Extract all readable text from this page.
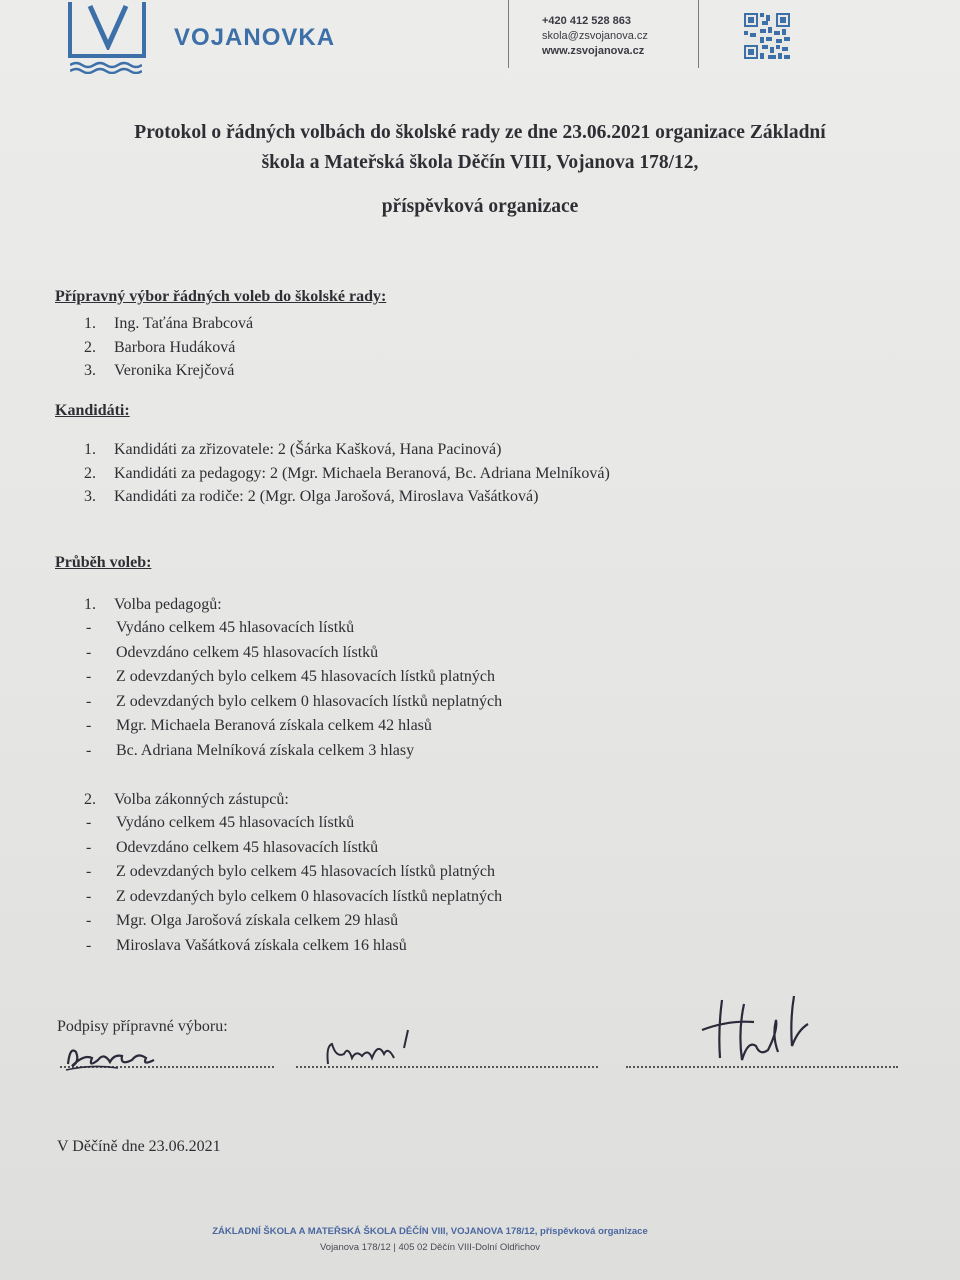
VOJANOVKA
+420 412 528 863
skola@zsvojanova.cz
www.zsvojanova.cz
Protokol o řádných volbách do školské rady ze dne 23.06.2021 organizace Základní
škola a Mateřská škola Děčín VIII, Vojanova 178/12,
příspěvková organizace
Přípravný výbor řádných voleb do školské rady:
1. Ing. Taťána Brabcová
2. Barbora Hudáková
3. Veronika Krejčová
Kandidáti:
1. Kandidáti za zřizovatele: 2 (Šárka Kašková, Hana Pacinová)
2. Kandidáti za pedagogy: 2 (Mgr. Michaela Beranová, Bc. Adriana Melníková)
3. Kandidáti za rodiče: 2 (Mgr. Olga Jarošová, Miroslava Vašátková)
Průběh voleb:
1. Volba pedagogů:
- Vydáno celkem 45 hlasovacích lístků
- Odevzdáno celkem 45 hlasovacích lístků
- Z odevzdaných bylo celkem 45 hlasovacích lístků platných
- Z odevzdaných bylo celkem 0 hlasovacích lístků neplatných
- Mgr. Michaela Beranová získala celkem 42 hlasů
- Bc. Adriana Melníková získala celkem 3 hlasy
2. Volba zákonných zástupců:
- Vydáno celkem 45 hlasovacích lístků
- Odevzdáno celkem 45 hlasovacích lístků
- Z odevzdaných bylo celkem 45 hlasovacích lístků platných
- Z odevzdaných bylo celkem 0 hlasovacích lístků neplatných
- Mgr. Olga Jarošová získala celkem 29 hlasů
- Miroslava Vašátková získala celkem 16 hlasů
Podpisy přípravné výboru:
V Děčíně dne 23.06.2021
ZÁKLADNÍ ŠKOLA A MATEŘSKÁ ŠKOLA DĚČÍN VIII, VOJANOVA 178/12, příspěvková organizace
Vojanova 178/12 | 405 02 Děčín VIII-Dolní Oldřichov
